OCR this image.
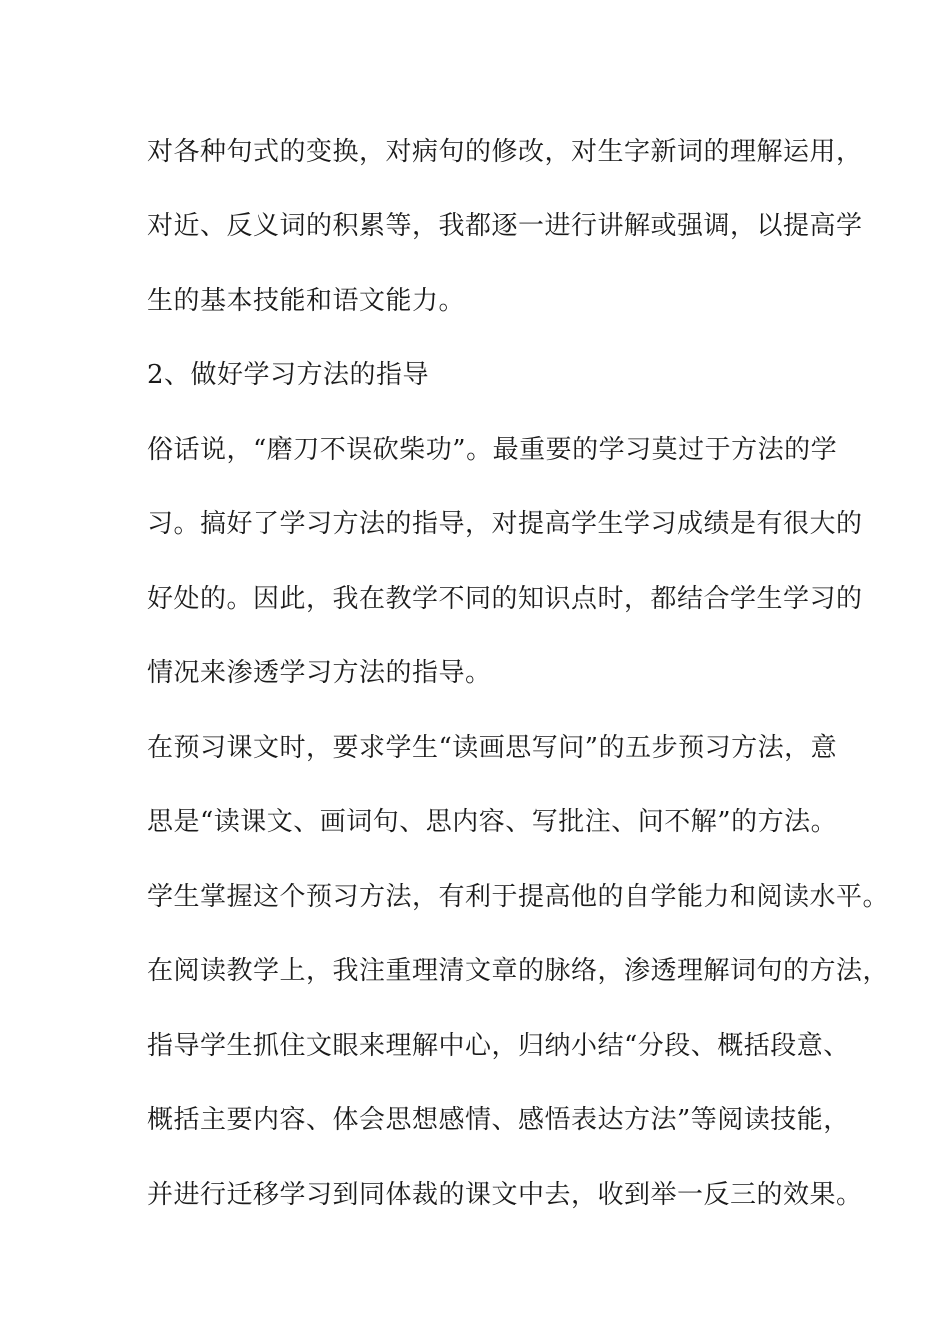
对各种句式的变换，对病句的修改，对生字新词的理解运用，
对近、反义词的积累等，我都逐一进行讲解或强调，以提高学
生的基本技能和语文能力。
2、做好学习方法的指导
俗话说，“磨刀不误砍柴功”。最重要的学习莫过于方法的学
习。搞好了学习方法的指导，对提高学生学习成绩是有很大的
好处的。因此，我在教学不同的知识点时，都结合学生学习的
情况来渗透学习方法的指导。
在预习课文时，要求学生“读画思写问”的五步预习方法，意
思是“读课文、画词句、思内容、写批注、问不解”的方法。
学生掌握这个预习方法，有利于提高他的自学能力和阅读水平。
在阅读教学上，我注重理清文章的脉络，渗透理解词句的方法，
指导学生抓住文眼来理解中心，归纳小结“分段、概括段意、
概括主要内容、体会思想感情、感悟表达方法”等阅读技能，
并进行迁移学习到同体裁的课文中去，收到举一反三的效果。
